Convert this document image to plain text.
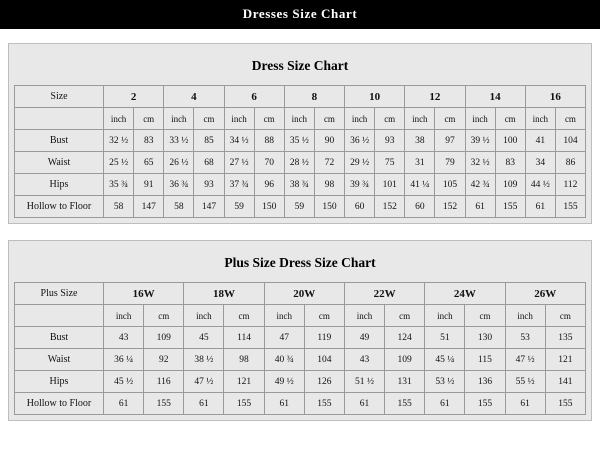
Dresses Size Chart
Dress Size Chart
Size	2		4		6		8		10		12		14		16	
	inch	cm	inch	cm	inch	cm	inch	cm	inch	cm	inch	cm	inch	cm	inch	cm
Bust	32 ½	83	33 ½	85	34 ½	88	35 ½	90	36 ½	93	38	97	39 ½	100	41	104
Waist	25 ½	65	26 ½	68	27 ½	70	28 ½	72	29 ½	75	31	79	32 ½	83	34	86
Hips	35 ¾	91	36 ¾	93	37 ¾	96	38 ¾	98	39 ¾	101	41 ¼	105	42 ¾	109	44 ½	112
Hollow to Floor	58	147	58	147	59	150	59	150	60	152	60	152	61	155	61	155
Plus Size Dress Size Chart
Plus Size	16W		18W		20W		22W		24W		26W	
	inch	cm	inch	cm	inch	cm	inch	cm	inch	cm	inch	cm
Bust	43	109	45	114	47	119	49	124	51	130	53	135
Waist	36 ¼	92	38 ½	98	40 ¾	104	43	109	45 ¼	115	47 ½	121
Hips	45 ½	116	47 ½	121	49 ½	126	51 ½	131	53 ½	136	55 ½	141
Hollow to Floor	61	155	61	155	61	155	61	155	61	155	61	155
